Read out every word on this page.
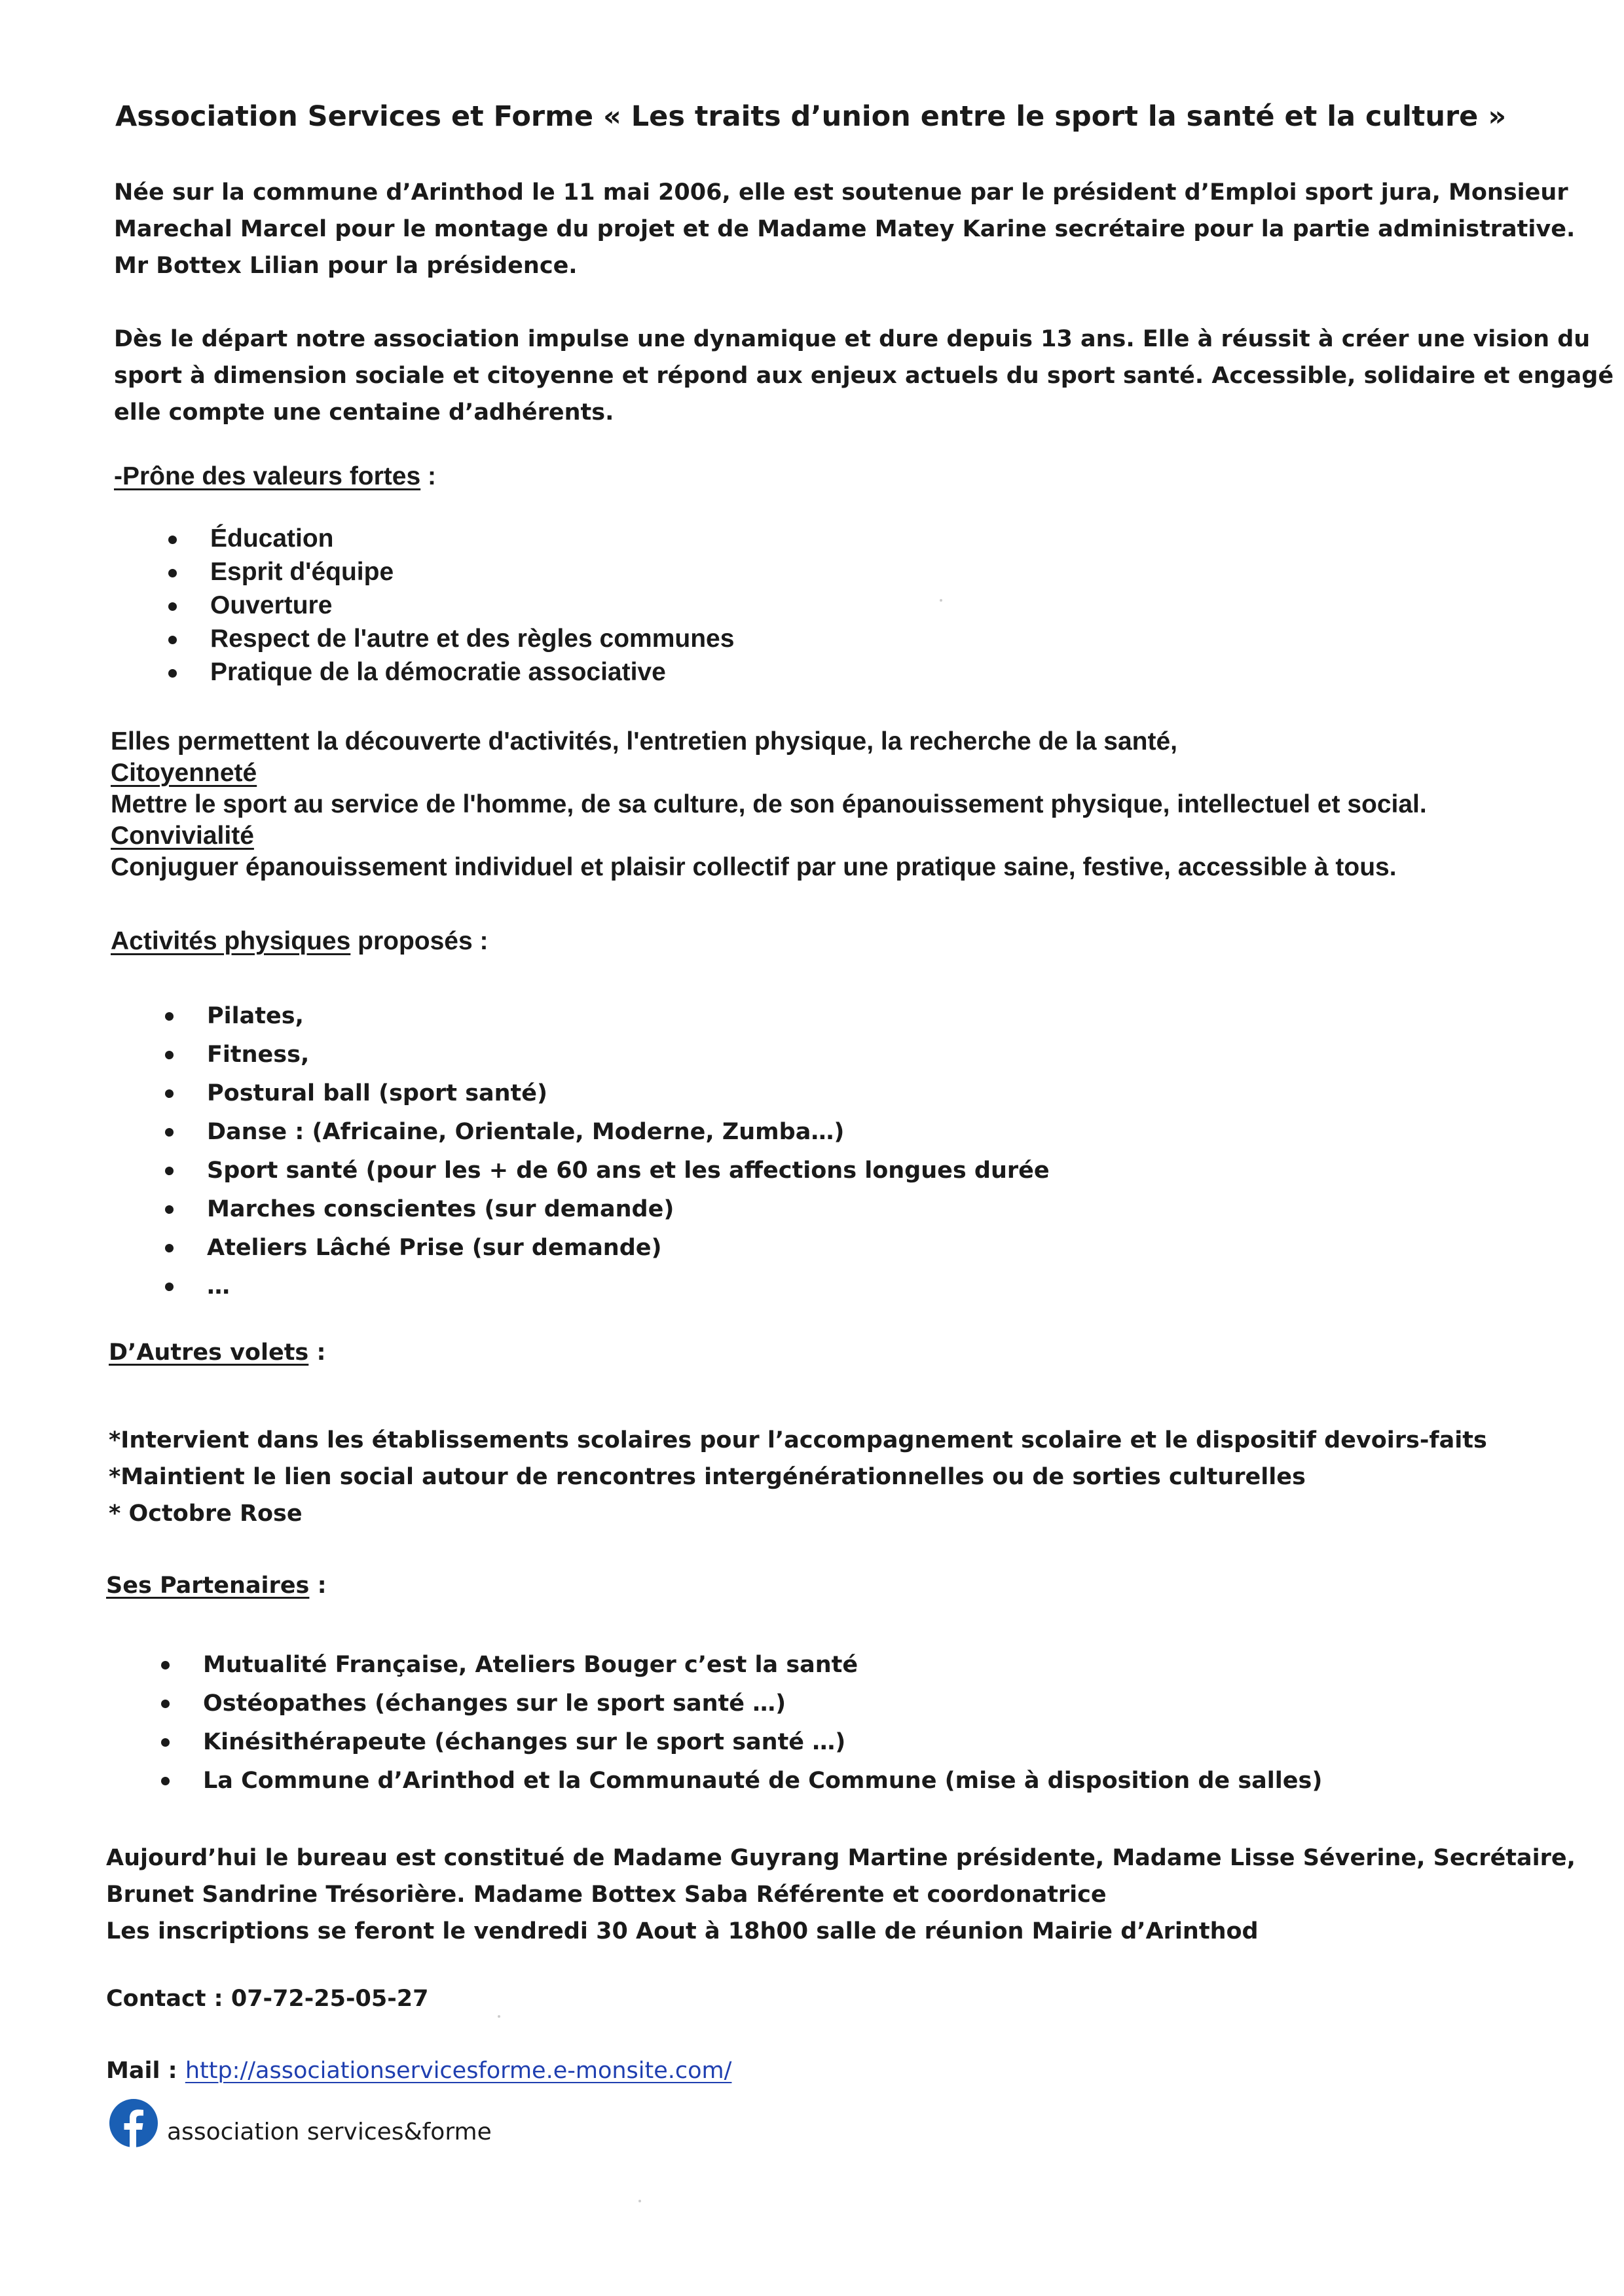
Association Services et Forme « Les traits d’union entre le sport la santé et la culture »
Née sur la commune d’Arinthod le 11 mai 2006, elle est soutenue par le président d’Emploi sport jura, Monsieur
Marechal Marcel pour le montage du projet et de Madame Matey Karine secrétaire pour la partie administrative.
Mr Bottex Lilian pour la présidence.
Dès le départ notre association impulse une dynamique et dure depuis 13 ans. Elle à réussit à créer une vision du
sport à dimension sociale et citoyenne et répond aux enjeux actuels du sport santé. Accessible, solidaire et engagé
elle compte une centaine d’adhérents.
-Prône des valeurs fortes :
Éducation
Esprit d'équipe
Ouverture
Respect de l'autre et des règles communes
Pratique de la démocratie associative
Elles permettent la découverte d'activités, l'entretien physique, la recherche de la santé,
Citoyenneté
Mettre le sport au service de l'homme, de sa culture, de son épanouissement physique, intellectuel et social.
Convivialité
Conjuguer épanouissement individuel et plaisir collectif par une pratique saine, festive, accessible à tous.
Activités physiques proposés :
Pilates,
Fitness,
Postural ball (sport santé)
Danse : (Africaine, Orientale, Moderne, Zumba…)
Sport santé (pour les + de 60 ans et les affections longues durée
Marches conscientes (sur demande)
Ateliers Lâché Prise (sur demande)
…
D’Autres volets :
*Intervient dans les établissements scolaires pour l’accompagnement scolaire et le dispositif devoirs-faits
*Maintient le lien social autour de rencontres intergénérationnelles ou de sorties culturelles
* Octobre Rose
Ses Partenaires :
Mutualité Française, Ateliers Bouger c’est la santé
Ostéopathes (échanges sur le sport santé …)
Kinésithérapeute (échanges sur le sport santé …)
La Commune d’Arinthod et la Communauté de Commune (mise à disposition de salles)
Aujourd’hui le bureau est constitué de Madame Guyrang Martine présidente, Madame Lisse Séverine, Secrétaire,
Brunet Sandrine Trésorière. Madame Bottex Saba Référente et coordonatrice
Les inscriptions se feront le vendredi 30 Aout à 18h00 salle de réunion Mairie d’Arinthod
Contact : 07-72-25-05-27
Mail : http://associationservicesforme.e-monsite.com/
association services&forme
